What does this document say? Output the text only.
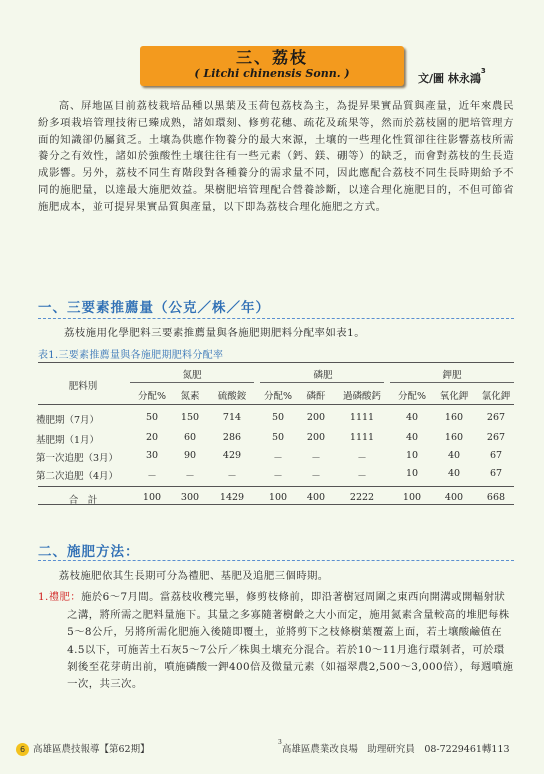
三、荔枝
( Litchi chinensis Sonn. )	文/圖 林永鴻$^3$
高、屏地區目前荔枝栽培品種以黑葉及玉荷包荔枝為主，為提昇果實品質與產量，近年來農民紛多項栽培管理技術已臻成熟，諸如環刻、修剪花穗、疏花及疏果等，然而於荔枝園的肥培管理方面的知識卻仍屬貧乏。土壤為供應作物養分的最大來源，土壤的一些理化性質卻往往影響荔枝所需養分之有效性，諸如於強酸性土壤往往有一些元素（鈣、鎂、硼等）的缺乏，而會對荔枝的生長造成影響。另外，荔枝不同生育階段對各種養分的需求量不同，因此應配合荔枝不同生長時期給予不同的施肥量，以達最大施肥效益。果樹肥培管理配合營養診斷，以達合理化施肥目的，不但可節省施肥成本，並可提昇果實品質與產量，以下即為荔枝合理化施肥之方式。
一、三要素推薦量（公克／株／年）
荔枝施用化學肥料三要素推薦量與各施肥期肥料分配率如表1。
表1.三要素推薦量與各施肥期肥料分配率
肥料別
氮肥	磷肥	鉀肥
分配%	氮素	硫酸銨	分配%	磷酐	過磷酸鈣	分配%	氧化鉀	氯化鉀
禮肥期（7月）	50	150	714	50	200	1111	40	160	267
基肥期（1月）	20	60	286	50	200	1111	40	160	267
第一次追肥（3月）	30	90	429	－	－	－	10	40	67
第二次追肥（4月）	－	－	－	－	－	－	10	40	67
合　計	100	300	1429	100	400	2222	100	400	668
二、施肥方法：
荔枝施肥依其生長期可分為禮肥、基肥及追肥三個時期。
1.禮肥：施於6～7月間。當荔枝收穫完畢，修剪枝條前，即沿著樹冠周圍之東西向開溝或開輻射狀之溝，將所需之肥料量施下。其量之多寡隨著樹齡之大小而定，施用氮素含量較高的堆肥每株5～8公斤，另將所需化肥施入後隨即覆土，並將剪下之枝條樹葉覆蓋上面，若土壤酸鹼值在4.5以下，可施苦土石灰5～7公斤／株與土壤充分混合。若於10～11月進行環剝者，可於環剝後至花芽萌出前，噴施磷酸一鉀400倍及微量元素（如福翠農2,500～3,000倍），每週噴施一次，共三次。
6 高雄區農技報導【第62期】
$^3$高雄區農業改良場　助理研究員　08-7229461轉113
